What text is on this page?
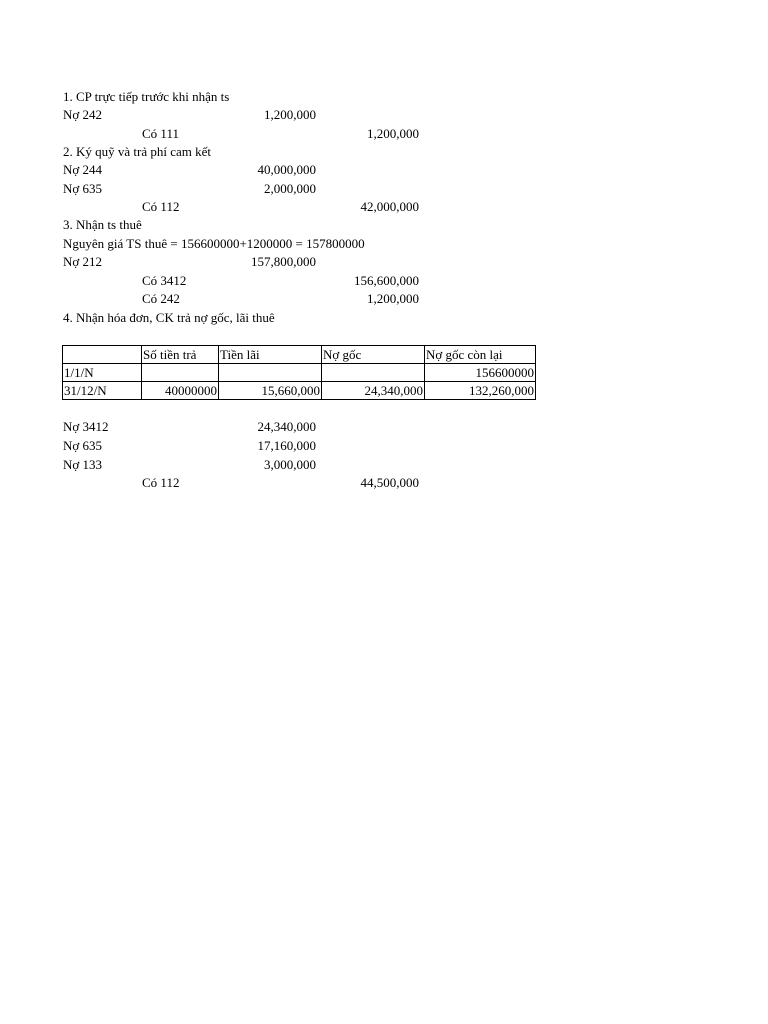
1. CP trực tiếp trước khi nhận ts
Nợ 242	1,200,000
Có 111	1,200,000
2. Ký quỹ và trả phí cam kết
Nợ 244	40,000,000
Nợ 635	2,000,000
Có 112	42,000,000
3. Nhận ts thuê
Nguyên giá TS thuê = 156600000+1200000 = 157800000
Nợ 212	157,800,000
Có 3412	156,600,000
Có 242	1,200,000
4. Nhận hóa đơn, CK trả nợ gốc, lãi thuê
	Số tiền trả	Tiền lãi	Nợ gốc	Nợ gốc còn lại
1/1/N				156600000
31/12/N	40000000	15,660,000	24,340,000	132,260,000
Nợ 3412	24,340,000
Nợ 635	17,160,000
Nợ 133	3,000,000
Có 112	44,500,000
